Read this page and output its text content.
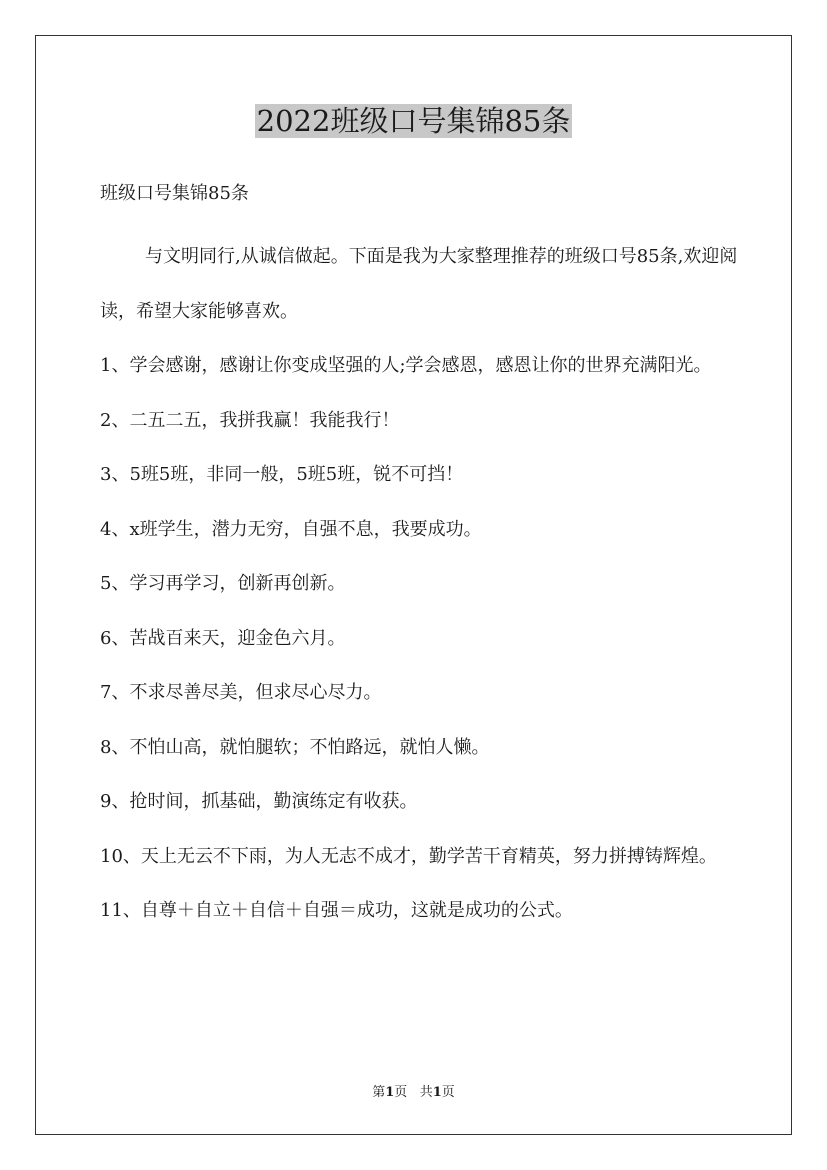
2022班级口号集锦85条
班级口号集锦85条

与文明同行,从诚信做起。下面是我为大家整理推荐的班级口号85条,欢迎阅读，希望大家能够喜欢。

1、学会感谢，感谢让你变成坚强的人;学会感恩，感恩让你的世界充满阳光。

2、二五二五，我拼我赢！我能我行！

3、5班5班，非同一般，5班5班，锐不可挡！

4、x班学生，潜力无穷，自强不息，我要成功。

5、学习再学习，创新再创新。

6、苦战百来天，迎金色六月。

7、不求尽善尽美，但求尽心尽力。

8、不怕山高，就怕腿软；不怕路远，就怕人懒。

9、抢时间，抓基础，勤演练定有收获。

10、天上无云不下雨，为人无志不成才，勤学苦干育精英，努力拼搏铸辉煌。

11、自尊＋自立＋自信＋自强＝成功，这就是成功的公式。

第1页 共1页
